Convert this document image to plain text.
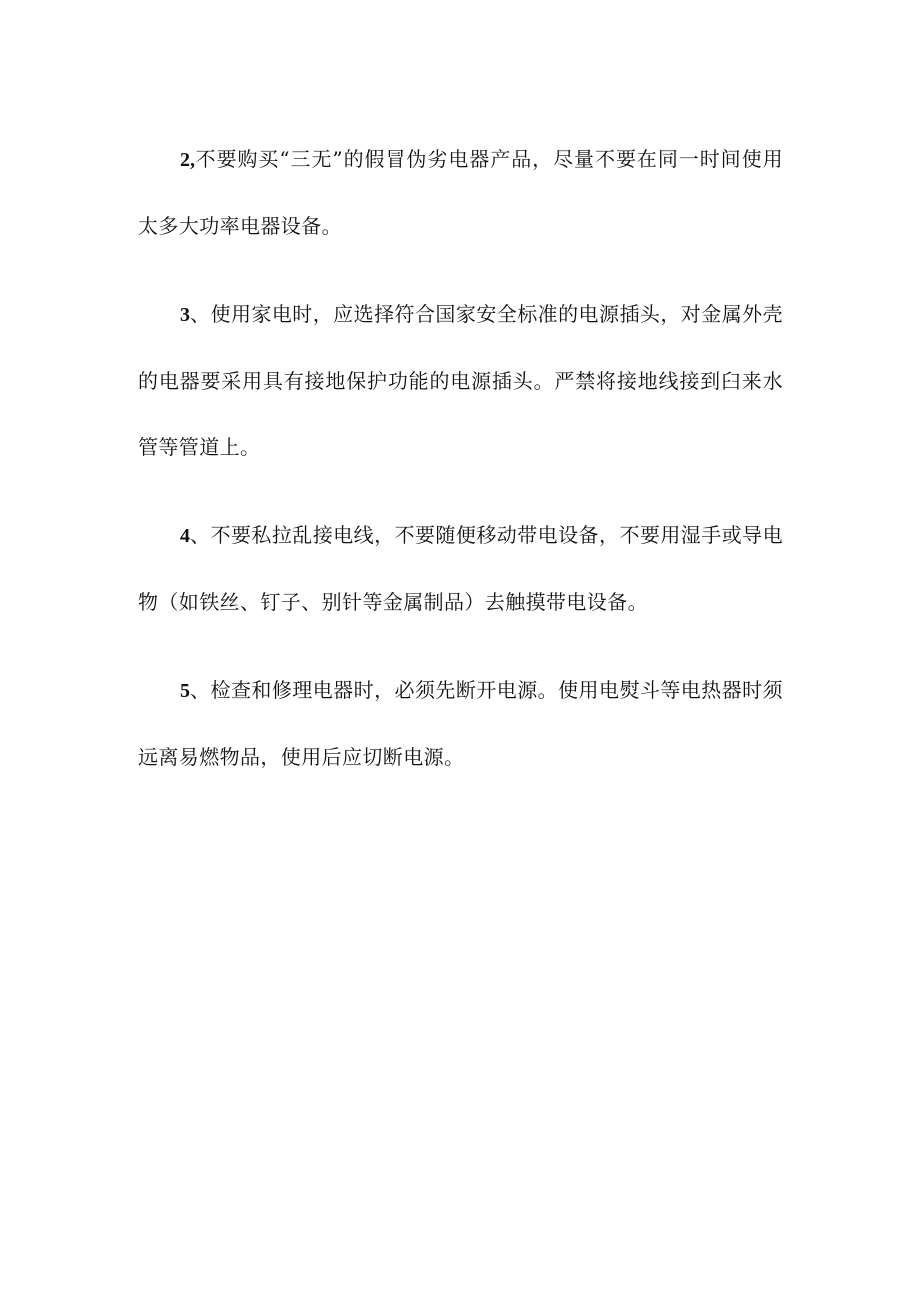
2,不要购买“三无”的假冒伪劣电器产品，尽量不要在同一时间使用太多大功率电器设备。

3、使用家电时，应选择符合国家安全标准的电源插头，对金属外壳的电器要采用具有接地保护功能的电源插头。严禁将接地线接到臼来水管等管道上。

4、不要私拉乱接电线，不要随便移动带电设备，不要用湿手或导电物（如铁丝、钉子、别针等金属制品）去触摸带电设备。

5、检查和修理电器时，必须先断开电源。使用电熨斗等电热器时须远离易燃物品，使用后应切断电源。
